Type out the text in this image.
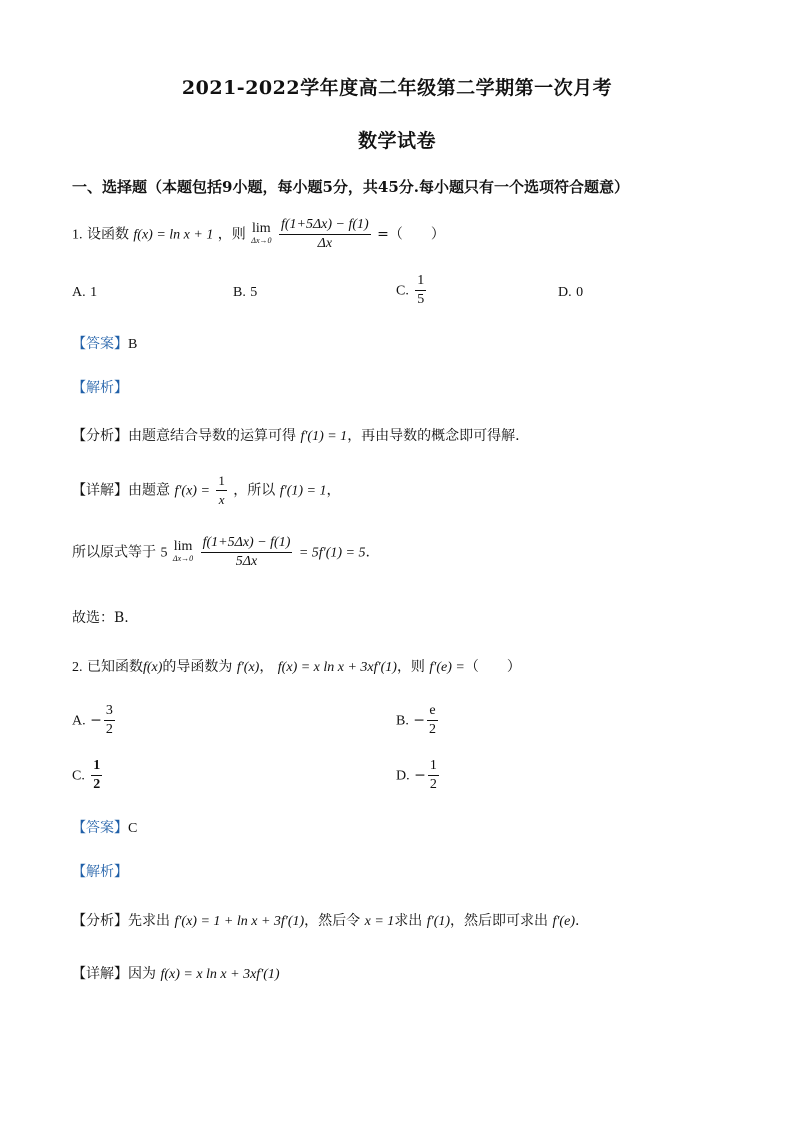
2021-2022学年度高二年级第二学期第一次月考
数学试卷
一、选择题（本题包括9小题，每小题5分，共45分.每小题只有一个选项符合题意）
1. 设函数 f(x) = ln x + 1 ，则 lim
Δx→0
$\frac{f(1+5\Delta x) - f(1)}{\Delta x}$ =（　　）
A. 1	B. 5	C. $\frac{1}{5}$	D. 0
【答案】B
【解析】
【分析】由题意结合导数的运算可得 f′(1) = 1，再由导数的概念即可得解.
【详解】由题意 $f'(x) = \frac{1}{x}$ ，所以 f′(1) = 1，
所以原式等于 5 lim
Δx→0
$\frac{f(1+5\Delta x) - f(1)}{5\Delta x} = 5f'(1) = 5$.
故选：B.
2. 已知函数f(x)的导函数为 f′(x)， f(x) = x ln x + 3xf′(1)，则 f′(e) =（　　）
A. − $\frac{3}{2}$	B. − $\frac{e}{2}$
C. $\frac{1}{2}$	D. − $\frac{1}{2}$
【答案】C
【解析】
【分析】先求出 f′(x) = 1 + ln x + 3f′(1)，然后令 x = 1求出 f′(1)，然后即可求出 f′(e).
【详解】因为 f(x) = x ln x + 3xf′(1)
